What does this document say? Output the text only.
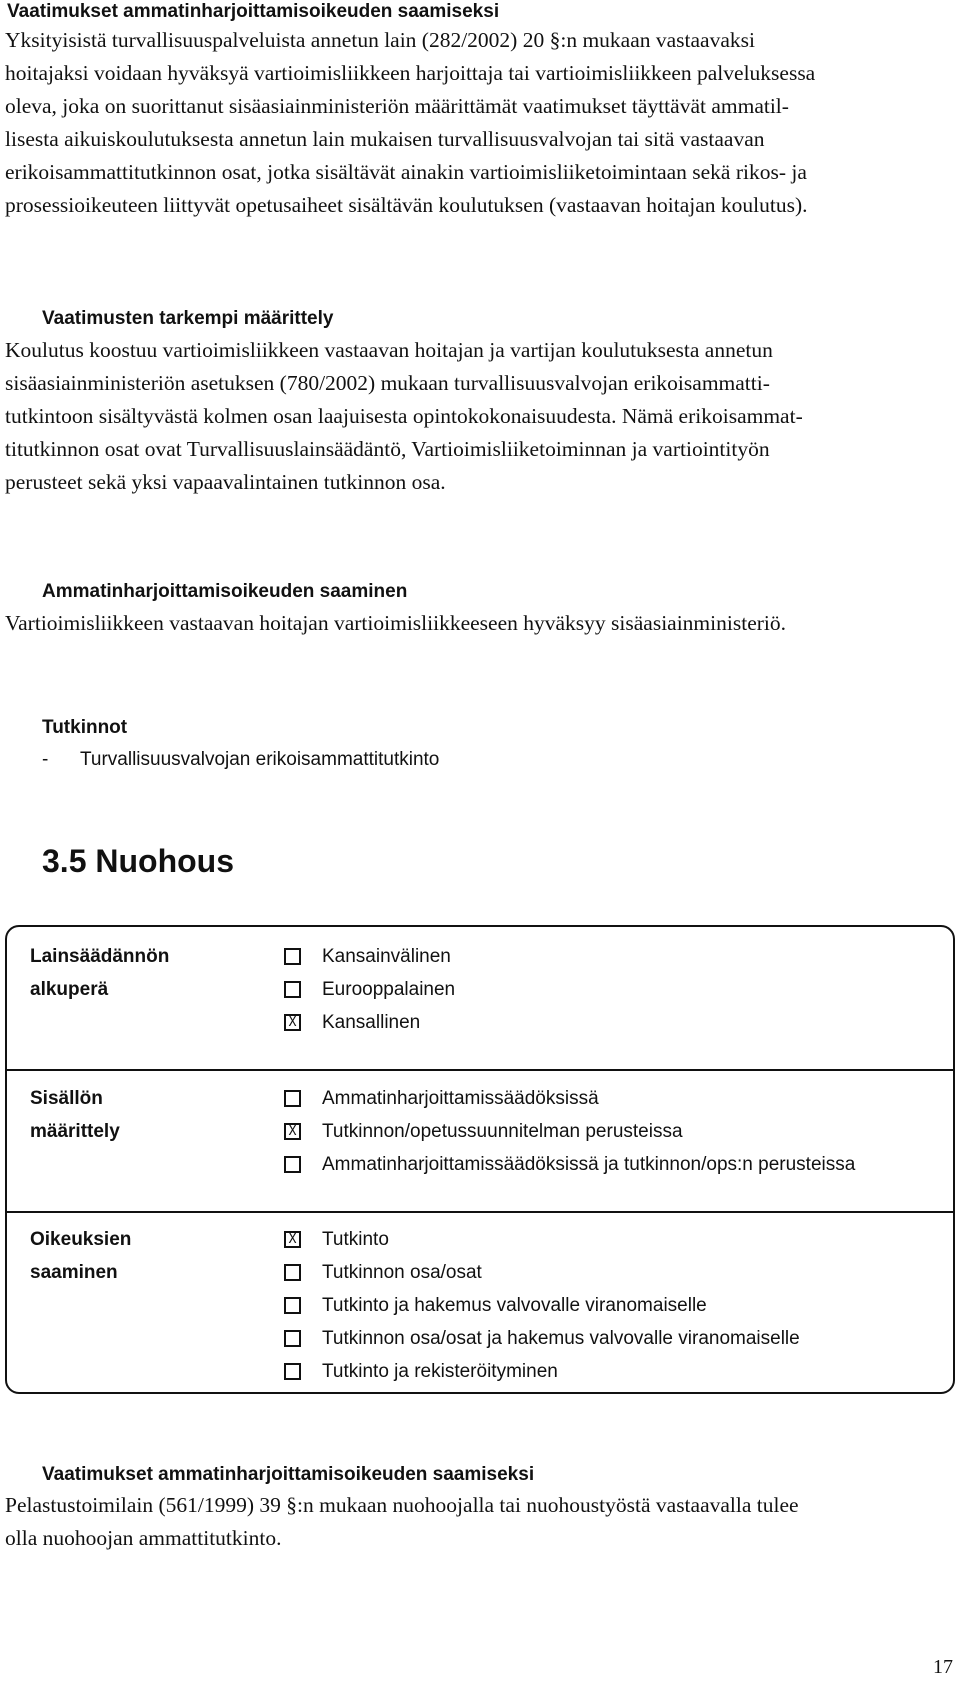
Vaatimukset ammatinharjoittamisoikeuden saamiseksi
Yksityisistä turvallisuuspalveluista annetun lain (282/2002) 20 §:n mukaan vastaavaksi
hoitajaksi voidaan hyväksyä vartioimisliikkeen harjoittaja tai vartioimisliikkeen palveluksessa
oleva, joka on suorittanut sisäasiainministeriön määrittämät vaatimukset täyttävät ammatil-
lisesta aikuiskoulutuksesta annetun lain mukaisen turvallisuusvalvojan tai sitä vastaavan
erikoisammattitutkinnon osat, jotka sisältävät ainakin vartioimisliiketoimintaan sekä rikos- ja
prosessioikeuteen liittyvät opetusaiheet sisältävän koulutuksen (vastaavan hoitajan koulutus).
Vaatimusten tarkempi määrittely
Koulutus koostuu vartioimisliikkeen vastaavan hoitajan ja vartijan koulutuksesta annetun
sisäasiainministeriön asetuksen (780/2002) mukaan turvallisuusvalvojan erikoisammatti-
tutkintoon sisältyvästä kolmen osan laajuisesta opintokokonaisuudesta. Nämä erikoisammat-
titutkinnon osat ovat Turvallisuuslainsäädäntö, Vartioimisliiketoiminnan ja vartiointityön
perusteet sekä yksi vapaavalintainen tutkinnon osa.
Ammatinharjoittamisoikeuden saaminen
Vartioimisliikkeen vastaavan hoitajan vartioimisliikkeeseen hyväksyy sisäasiainministeriö.
Tutkinnot
- Turvallisuusvalvojan erikoisammattitutkinto
3.5 Nuohous
Lainsäädännön
alkuperä
Kansainvälinen
Eurooppalainen
X Kansallinen
Sisällön
määrittely
Ammatinharjoittamissäädöksissä
X Tutkinnon/opetussuunnitelman perusteissa
Ammatinharjoittamissäädöksissä ja tutkinnon/ops:n perusteissa
Oikeuksien
saaminen
X Tutkinto
Tutkinnon osa/osat
Tutkinto ja hakemus valvovalle viranomaiselle
Tutkinnon osa/osat ja hakemus valvovalle viranomaiselle
Tutkinto ja rekisteröityminen
Vaatimukset ammatinharjoittamisoikeuden saamiseksi
Pelastustoimilain (561/1999) 39 §:n mukaan nuohoojalla tai nuohoustyöstä vastaavalla tulee
olla nuohoojan ammattitutkinto.
17
